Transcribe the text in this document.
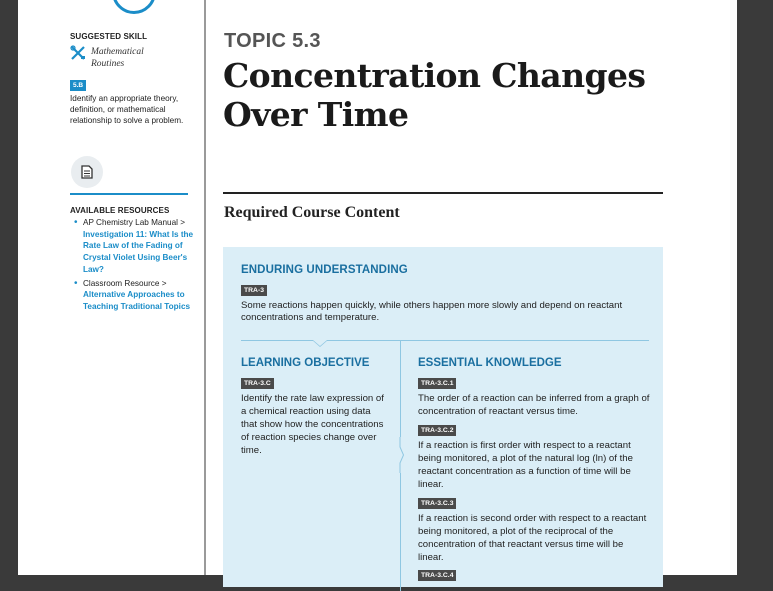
SUGGESTED SKILL
Mathematical Routines
5.B
Identify an appropriate theory, definition, or mathematical relationship to solve a problem.
AVAILABLE RESOURCES
• AP Chemistry Lab Manual >
Investigation 11: What Is the Rate Law of the Fading of Crystal Violet Using Beer's Law?
• Classroom Resource >
Alternative Approaches to Teaching Traditional Topics
TOPIC 5.3
Concentration Changes Over Time
Required Course Content
ENDURING UNDERSTANDING
TRA-3
Some reactions happen quickly, while others happen more slowly and depend on reactant concentrations and temperature.
LEARNING OBJECTIVE
TRA-3.C
Identify the rate law expression of a chemical reaction using data that show how the concentrations of reaction species change over time.
ESSENTIAL KNOWLEDGE
TRA-3.C.1
The order of a reaction can be inferred from a graph of concentration of reactant versus time.
TRA-3.C.2
If a reaction is first order with respect to a reactant being monitored, a plot of the natural log (ln) of the reactant concentration as a function of time will be linear.
TRA-3.C.3
If a reaction is second order with respect to a reactant being monitored, a plot of the reciprocal of the concentration of that reactant versus time will be linear.
TRA-3.C.4
